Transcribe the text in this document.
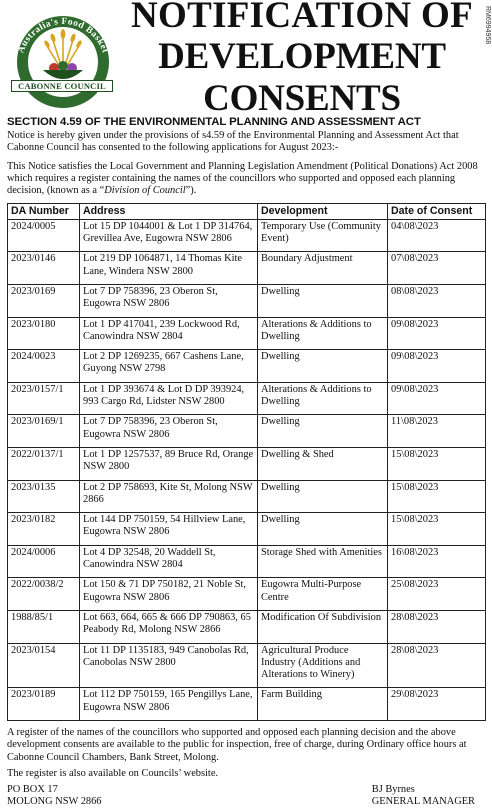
RM6994958
Australia's Food Basket
CABONNE COUNCIL
NOTIFICATION OF
DEVELOPMENT CONSENTS
SECTION 4.59 OF THE ENVIRONMENTAL PLANNING AND ASSESSMENT ACT

Notice is hereby given under the provisions of s4.59 of the Environmental Planning and Assessment Act that Cabonne Council has consented to the following applications for August 2023:-

This Notice satisfies the Local Government and Planning Legislation Amendment (Political Donations) Act 2008 which requires a register containing the names of the councillors who supported and opposed each planning decision, (known as a “Division of Council”).

DA Number	Address	Development	Date of Consent
2024/0005	Lot 15 DP 1044001 & Lot 1 DP 314764, Grevillea Ave, Eugowra NSW 2806	Temporary Use (Community Event)	04\08\2023
2023/0146	Lot 219 DP 1064871, 14 Thomas Kite Lane, Windera NSW 2800	Boundary Adjustment	07\08\2023
2023/0169	Lot 7 DP 758396, 23 Oberon St, Eugowra NSW 2806	Dwelling	08\08\2023
2023/0180	Lot 1 DP 417041, 239 Lockwood Rd, Canowindra NSW 2804	Alterations & Additions to Dwelling	09\08\2023
2024/0023	Lot 2 DP 1269235, 667 Cashens Lane, Guyong NSW 2798	Dwelling	09\08\2023
2023/0157/1	Lot 1 DP 393674 & Lot D DP 393924, 993 Cargo Rd, Lidster NSW 2800	Alterations & Additions to Dwelling	09\08\2023
2023/0169/1	Lot 7 DP 758396, 23 Oberon St, Eugowra NSW 2806	Dwelling	11\08\2023
2022/0137/1	Lot 1 DP 1257537, 89 Bruce Rd, Orange NSW 2800	Dwelling & Shed	15\08\2023
2023/0135	Lot 2 DP 758693, Kite St, Molong NSW 2866	Dwelling	15\08\2023
2023/0182	Lot 144 DP 750159, 54 Hillview Lane, Eugowra NSW 2806	Dwelling	15\08\2023
2024/0006	Lot 4 DP 32548, 20 Waddell St, Canowindra NSW 2804	Storage Shed with Amenities	16\08\2023
2022/0038/2	Lot 150 & 71 DP 750182, 21 Noble St, Eugowra NSW 2806	Eugowra Multi-Purpose Centre	25\08\2023
1988/85/1	Lot 663, 664, 665 & 666 DP 790863, 65 Peabody Rd, Molong NSW 2866	Modification Of Subdivision	28\08\2023
2023/0154	Lot 11 DP 1135183, 949 Canobolas Rd, Canobolas NSW 2800	Agricultural Produce Industry (Additions and Alterations to Winery)	28\08\2023
2023/0189	Lot 112 DP 750159, 165 Pengillys Lane, Eugowra NSW 2806	Farm Building	29\08\2023

A register of the names of the councillors who supported and opposed each planning decision and the above development consents are available to the public for inspection, free of charge, during Ordinary office hours at Cabonne Council Chambers, Bank Street, Molong.

The register is also available on Councils’ website.

PO BOX 17
MOLONG NSW 2866
BJ Byrnes
GENERAL MANAGER
